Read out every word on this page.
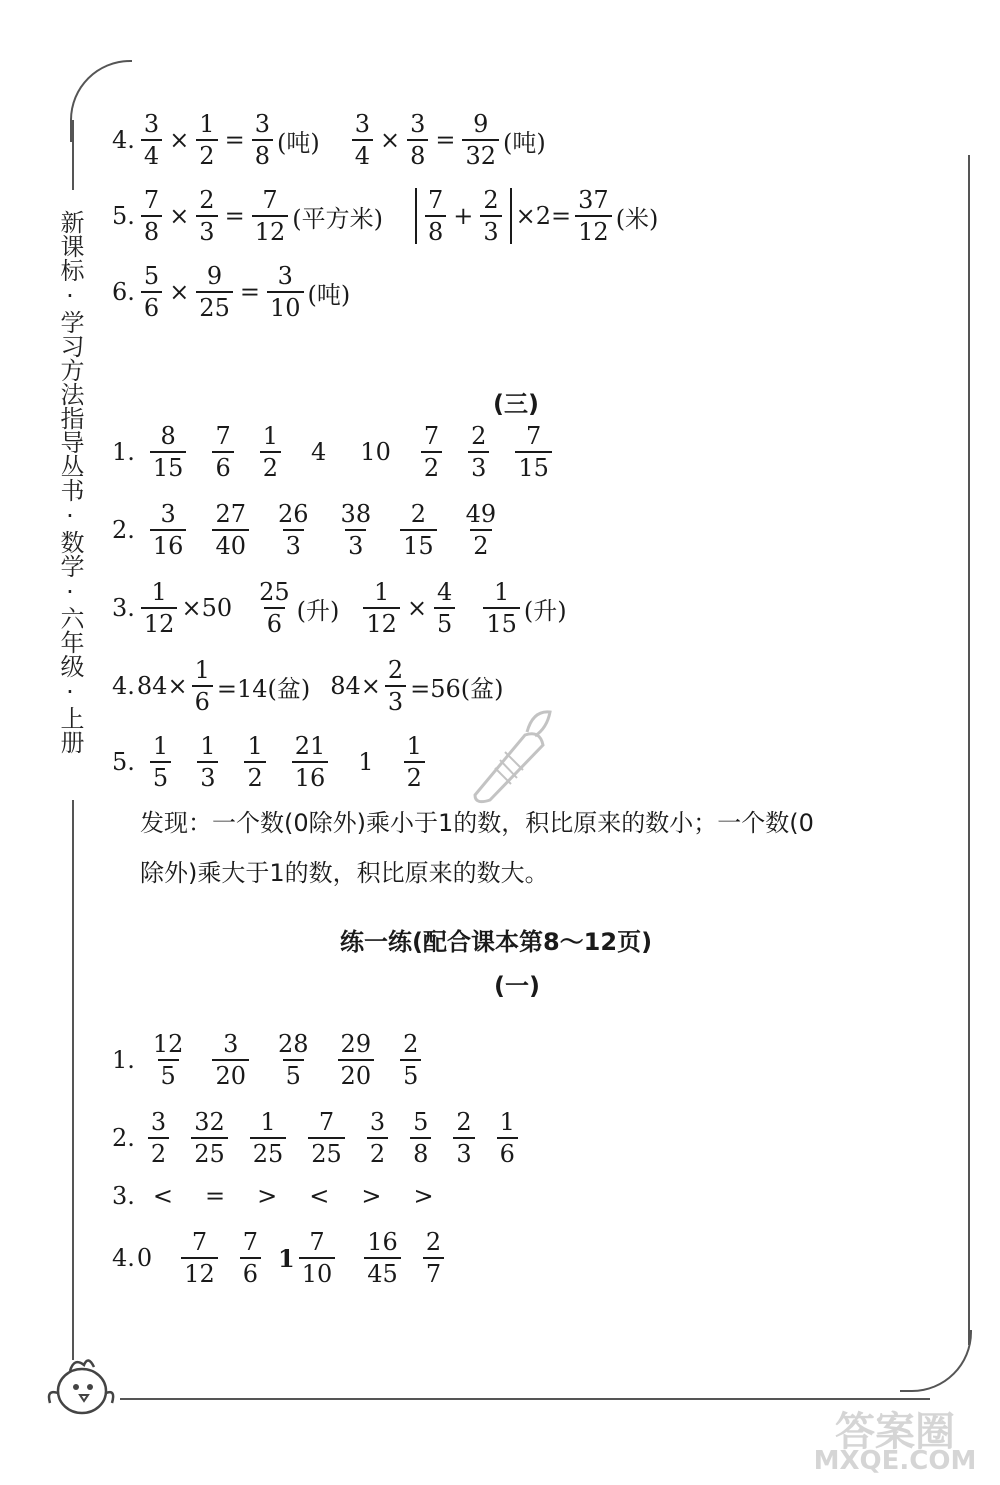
新课标·学习方法指导丛书·数学·六年级·上册
4. $\frac{3}{4} \times \frac{1}{2} = \frac{3}{8}$ (吨) $\frac{3}{4} \times \frac{3}{8} = \frac{9}{32}$ (吨)
5. $\frac{7}{8} \times \frac{2}{3} = \frac{7}{12}$ (平方米) $\frac{7}{8} + \frac{2}{3} \times 2= \frac{37}{12}$ (米)
6. $\frac{5}{6} \times \frac{9}{25} = \frac{3}{10}$ (吨)
(三)
1. $\frac{8}{15} \frac{7}{6} \frac{1}{2} 4$ $10 \frac{7}{2} \frac{2}{3} \frac{7}{15}$
2. $\frac{3}{16} \frac{27}{40} \frac{26}{3} \frac{38}{3} \frac{2}{15} \frac{49}{2}$
3. $\frac{1}{12} \times 50 \frac{25}{6}$ (升) $\frac{1}{12} \times \frac{4}{5} \frac{1}{15}$ (升)
4. $84\times \frac{1}{6} =14$(盆) $84\times \frac{2}{3} =56$(盆)
5. $\frac{1}{5} \frac{1}{3} \frac{1}{2} \frac{21}{16} 1 \frac{1}{2}$
发现：一个数(0除外)乘小于1的数，积比原来的数小；一个数(0
除外)乘大于1的数，积比原来的数大。
练一练(配合课本第8～12页)
(一)
1. $\frac{12}{5} \frac{3}{20} \frac{28}{5} \frac{29}{20} \frac{2}{5}$
2. $\frac{3}{2} \frac{32}{25} \frac{1}{25} \frac{7}{25} \frac{3}{2} \frac{5}{8} \frac{2}{3} \frac{1}{6}$
3. < = > < > >
4. $0 \frac{7}{12} \frac{7}{6} 1 \frac{7}{10} \frac{16}{45} \frac{2}{7}$
答案圈
MXQE.COM
